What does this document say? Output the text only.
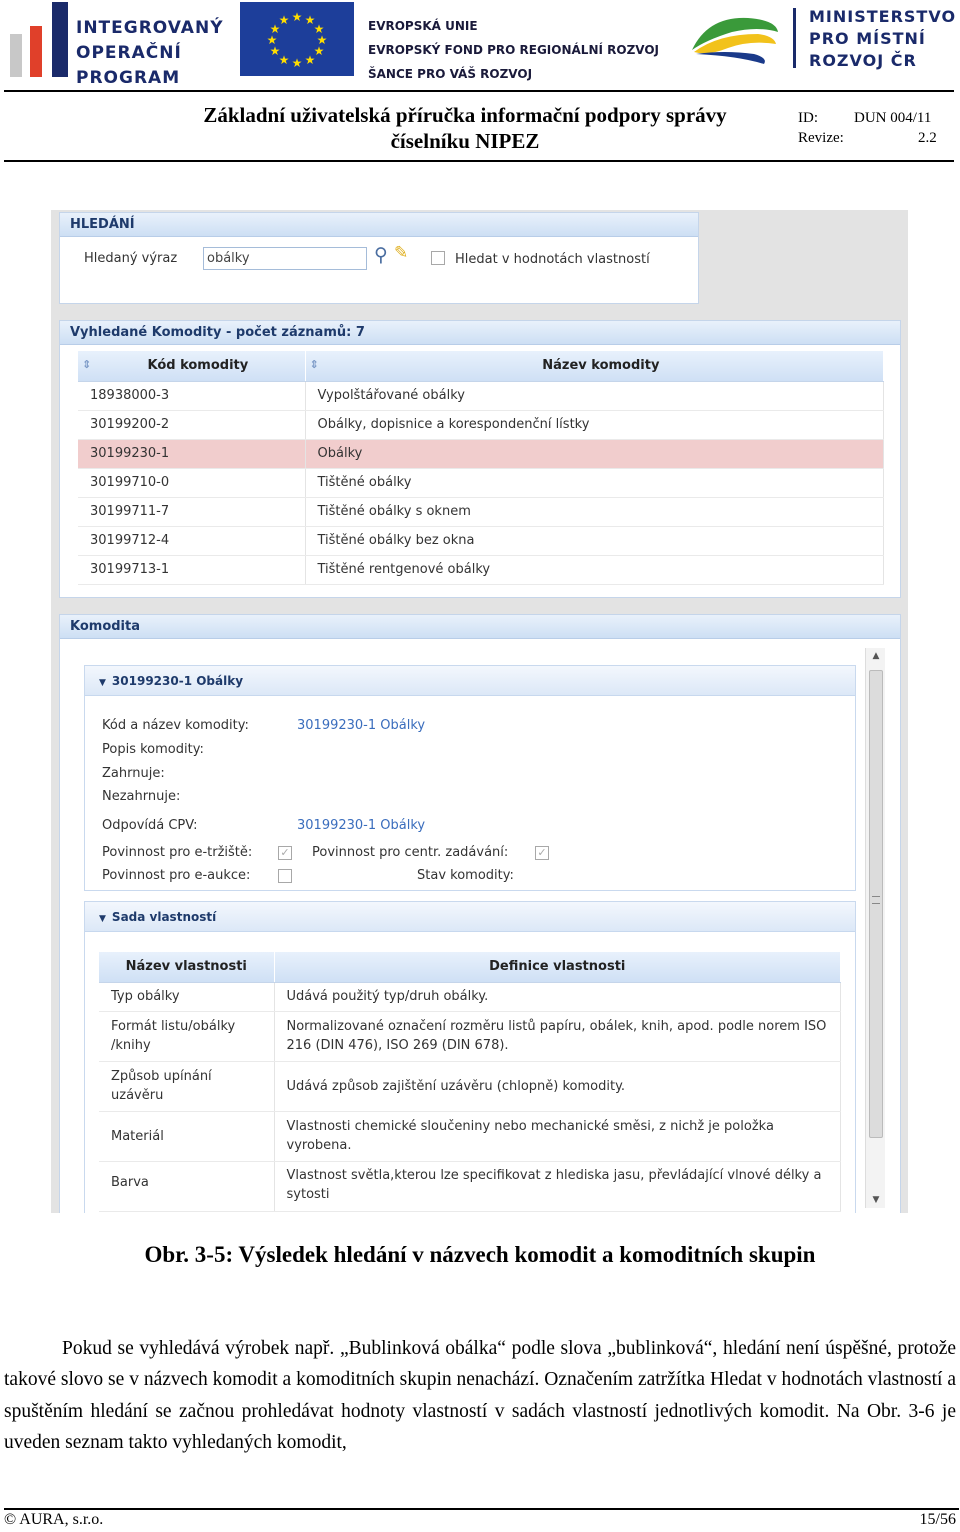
INTEGROVANÝ
OPERAČNÍ
PROGRAM
★ ★
★
★
★
★
★
★
★
★
★
★	EVROPSKÁ UNIE
EVROPSKÝ FOND PRO REGIONÁLNÍ ROZVOJ
ŠANCE PRO VÁŠ ROZVOJ
MINISTERSTVO
PRO MÍSTNÍ
ROZVOJ ČR
Základní uživatelská příručka informační podpory správy
číselníku NIPEZ
ID: DUN 004/11
Revize:	2.2
HLEDÁNÍ
Hledaný výraz
obálky	⚲ ✎	Hledat v hodnotách vlastností
Vyhledané Komodity - počet záznamů: 7
⇕ Kód komodity	⇕ Název komodity
18938000-3	Vypolštářované obálky
30199200-2	Obálky, dopisnice a korespondenční lístky
30199230-1	Obálky
30199710-0	Tištěné obálky
30199711-7	Tištěné obálky s oknem
30199712-4	Tištěné obálky bez okna
30199713-1	Tištěné rentgenové obálky
Komodita
▼ 30199230-1 Obálky
Kód a název komodity:	30199230-1 Obálky
Popis komodity:
Zahrnuje:
Nezahrnuje:
Odpovídá CPV:	30199230-1 Obálky
Povinnost pro e-tržiště:	✓ Povinnost pro centr. zadávání:	✓
Povinnost pro e-aukce:	Stav komodity:
▼ Sada vlastností
Název vlastnosti	Definice vlastnosti
Typ obálky	Udává použitý typ/druh obálky.
Formát listu/obálky /knihy	Normalizované označení rozměru listů papíru, obálek, knih, apod. podle norem ISO 216 (DIN 476), ISO 269 (DIN 678).
Způsob upínání uzávěru	Udává způsob zajištění uzávěru (chlopně) komodity.
Materiál	Vlastnosti chemické sloučeniny nebo mechanické směsi, z nichž je položka vyrobena.
Barva	Vlastnost světla,kterou lze specifikovat z hlediska jasu, převládající vlnové délky a sytosti
▲
▼
Obr. 3-5: Výsledek hledání v názvech komodit a komoditních skupin
Pokud se vyhledává výrobek např. „Bublinková obálka“ podle slova „bublinková“, hledání není úspěšné, protože takové slovo se v názvech komodit a komoditních skupin nenachází. Označením zatržítka Hledat v hodnotách vlastností a spuštěním hledání se začnou prohledávat hodnoty vlastností v sadách vlastností jednotlivých komodit. Na Obr. 3-6 je uveden seznam takto vyhledaných komodit,
© AURA, s.r.o.	15/56
